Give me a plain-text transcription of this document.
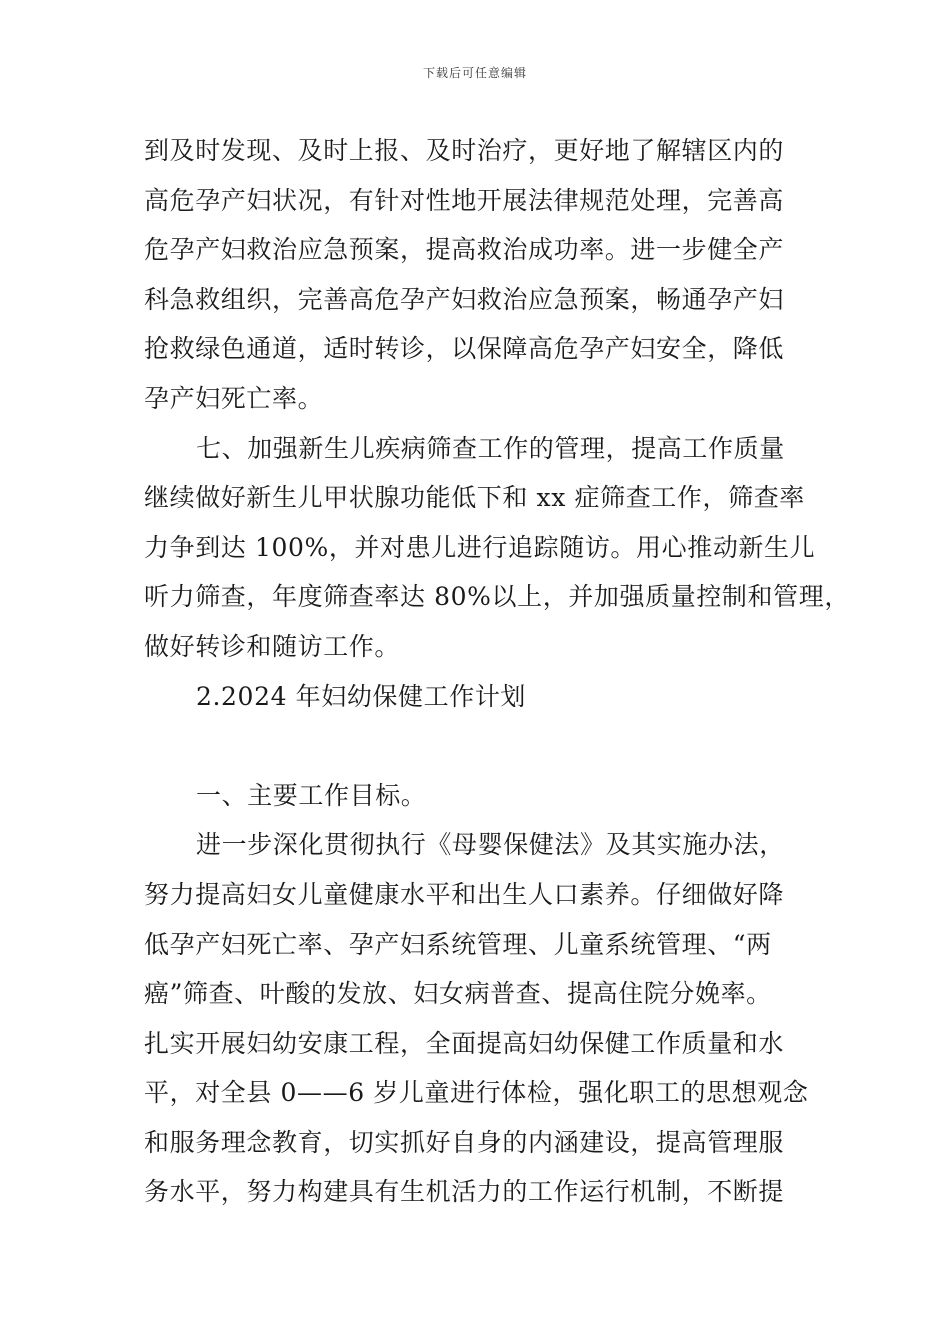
下载后可任意编辑
到及时发现、及时上报、及时治疗，更好地了解辖区内的
高危孕产妇状况，有针对性地开展法律规范处理，完善高
危孕产妇救治应急预案，提高救治成功率。进一步健全产
科急救组织，完善高危孕产妇救治应急预案，畅通孕产妇
抢救绿色通道，适时转诊，以保障高危孕产妇安全，降低
孕产妇死亡率。
七、加强新生儿疾病筛查工作的管理，提高工作质量
继续做好新生儿甲状腺功能低下和 xx 症筛查工作，筛查率
力争到达 100%，并对患儿进行追踪随访。用心推动新生儿
听力筛查，年度筛查率达 80%以上，并加强质量控制和管理，
做好转诊和随访工作。
2.2024 年妇幼保健工作计划
一、主要工作目标。
进一步深化贯彻执行《母婴保健法》及其实施办法，
努力提高妇女儿童健康水平和出生人口素养。仔细做好降
低孕产妇死亡率、孕产妇系统管理、儿童系统管理、“两
癌”筛查、叶酸的发放、妇女病普查、提高住院分娩率。
扎实开展妇幼安康工程，全面提高妇幼保健工作质量和水
平，对全县 0——6 岁儿童进行体检，强化职工的思想观念
和服务理念教育，切实抓好自身的内涵建设，提高管理服
务水平，努力构建具有生机活力的工作运行机制，不断提
